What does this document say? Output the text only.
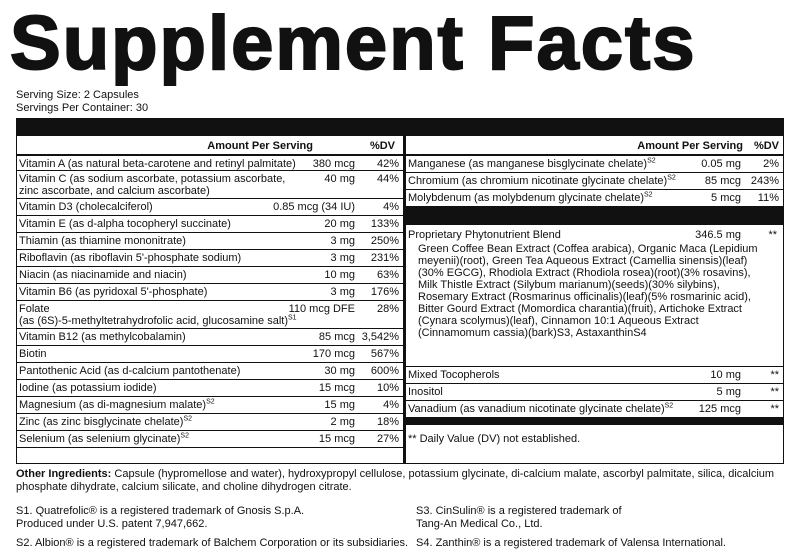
Supplement Facts
Serving Size: 2 Capsules
Servings Per Container: 30
Amount Per Serving	%DV
Vitamin A (as natural beta-carotene and retinyl palmitate) 380 mcg 42%
Vitamin C (as sodium ascorbate, potassium ascorbate,
zinc ascorbate, and calcium ascorbate)
40 mg 44%
Vitamin D3 (cholecalciferol)	0.85 mcg (34 IU)	4%
Vitamin E (as d-alpha tocopheryl succinate)	20 mg 133%
Thiamin (as thiamine mononitrate)	3 mg 250%
Riboflavin (as riboflavin 5'-phosphate sodium)	3 mg 231%
Niacin (as niacinamide and niacin)	10 mg 63%
Vitamin B6 (as pyridoxal 5'-phosphate)	3 mg 176%
Folate
(as (6S)-5-methyltetrahydrofolic acid, glucosamine salt)$^{S1}$
110 mcg DFE 28%
Vitamin B12 (as methylcobalamin)	85 mcg 3,542%
Biotin	170 mcg 567%
Pantothenic Acid (as d-calcium pantothenate)	30 mg 600%
Iodine (as potassium iodide)	15 mcg 10%
Magnesium (as di-magnesium malate)$^{S2}$	15 mg	4%
Zinc (as zinc bisglycinate chelate)$^{S2}$	2 mg 18%
Selenium (as selenium glycinate)$^{S2}$	15 mcg 27%
Amount Per Serving %DV
Manganese (as manganese bisglycinate chelate)$^{S2}$	0.05 mg 2%
Chromium (as chromium nicotinate glycinate chelate)$^{S2}$	85 mcg 243%
Molybdenum (as molybdenum glycinate chelate)$^{S2}$	5 mcg 11%
Proprietary Phytonutrient Blend	346.5 mg **
Green Coffee Bean Extract (Coffea arabica), Organic Maca (Lepidium meyenii)(root), Green Tea Aqueous Extract (Camellia sinensis)(leaf)(30% EGCG), Rhodiola Extract (Rhodiola rosea)(root)(3% rosavins), Milk Thistle Extract (Silybum marianum)(seeds)(30% silybins), Rosemary Extract (Rosmarinus officinalis)(leaf)(5% rosmarinic acid), Bitter Gourd Extract (Momordica charantia)(fruit), Artichoke Extract (Cynara scolymus)(leaf), Cinnamon 10:1 Aqueous Extract (Cinnamomum cassia)(bark)S3, AstaxanthinS4
Mixed Tocopherols	10 mg	**
Inositol	5 mg	**
Vanadium (as vanadium nicotinate glycinate chelate)$^{S2}$ 125 mcg	**
** Daily Value (DV) not established.
Other Ingredients: Capsule (hypromellose and water), hydroxypropyl cellulose, potassium glycinate, di-calcium malate, ascorbyl palmitate, silica, dicalcium phosphate dihydrate, calcium silicate, and choline dihydrogen citrate.
S1. Quatrefolic® is a registered trademark of Gnosis S.p.A.
Produced under U.S. patent 7,947,662.
S2. Albion® is a registered trademark of Balchem Corporation or its subsidiaries.
S3. CinSulin® is a registered trademark of
Tang-An Medical Co., Ltd.
S4. Zanthin® is a registered trademark of Valensa International.
